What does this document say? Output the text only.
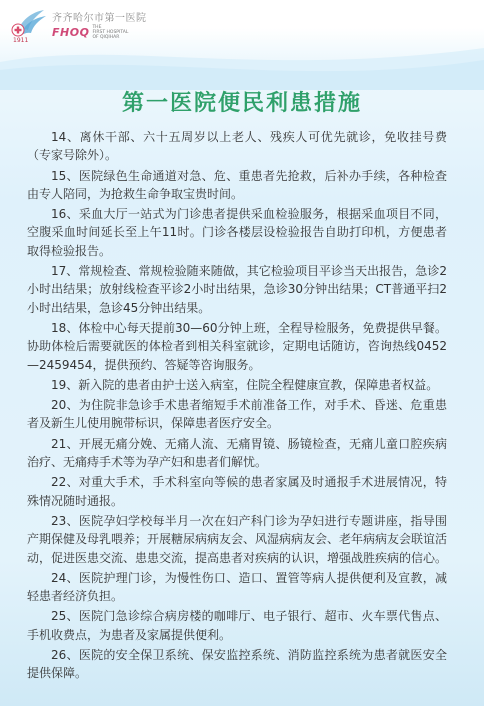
1911
齐齐哈尔市第一医院
FHOQ THE
FIRST HOSPITAL
OF QIQIHAR
第一医院便民利患措施

14、离休干部、六十五周岁以上老人、残疾人可优先就诊，免收挂号费（专家号除外）。

15、医院绿色生命通道对急、危、重患者先抢救，后补办手续，各种检查由专人陪同，为抢救生命争取宝贵时间。

16、采血大厅一站式为门诊患者提供采血检验服务，根据采血项目不同，空腹采血时间延长至上午11时。门诊各楼层设检验报告自助打印机，方便患者取得检验报告。

17、常规检查、常规检验随来随做，其它检验项目平诊当天出报告，急诊2小时出结果；放射线检查平诊2小时出结果，急诊30分钟出结果；CT普通平扫2小时出结果，急诊45分钟出结果。

18、体检中心每天提前30—60分钟上班，全程导检服务，免费提供早餐。协助体检后需要就医的体检者到相关科室就诊，定期电话随访，咨询热线0452—2459454，提供预约、答疑等咨询服务。

19、新入院的患者由护士送入病室，住院全程健康宣教，保障患者权益。

20、为住院非急诊手术患者缩短手术前准备工作，对手术、昏迷、危重患者及新生儿使用腕带标识，保障患者医疗安全。

21、开展无痛分娩、无痛人流、无痛胃镜、肠镜检查，无痛儿童口腔疾病治疗、无痛痔手术等为孕产妇和患者们解忧。

22、对重大手术，手术科室向等候的患者家属及时通报手术进展情况，特殊情况随时通报。

23、医院孕妇学校每半月一次在妇产科门诊为孕妇进行专题讲座，指导围产期保健及母乳喂养；开展糖尿病病友会、风湿病病友会、老年病病友会联谊活动，促进医患交流、患患交流，提高患者对疾病的认识，增强战胜疾病的信心。

24、医院护理门诊，为慢性伤口、造口、置管等病人提供便利及宣教，减轻患者经济负担。

25、医院门急诊综合病房楼的咖啡厅、电子银行、超市、火车票代售点、手机收费点，为患者及家属提供便利。

26、医院的安全保卫系统、保安监控系统、消防监控系统为患者就医安全提供保障。
